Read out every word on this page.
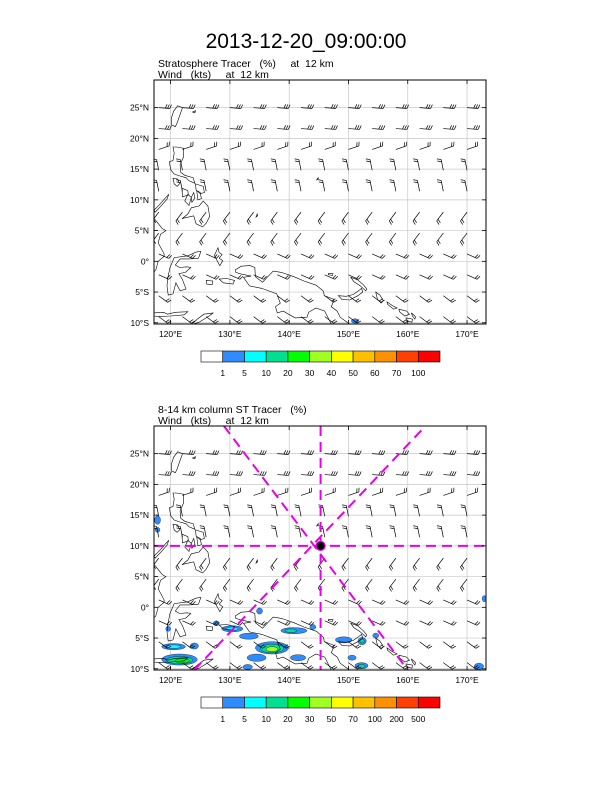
2013-12-20_09:00:00
Stratosphere Tracer   (%)     at  12 km
Wind   (kts)     at  12 km
8-14 km column ST Tracer   (%)
Wind   (kts)     at  12 km
120°E	130°E	140°E	150°E	160°E	170°E
10°S
5°S
0°
5°N
10°N
15°N
20°N
25°N
1 5 10 20 30 40 50 60 70 100
120°E	130°E	140°E	150°E	160°E	170°E
10°S
5°S
0°
5°N
10°N
15°N
20°N
25°N
1 5 10 20 30 50 70 100 200 500
